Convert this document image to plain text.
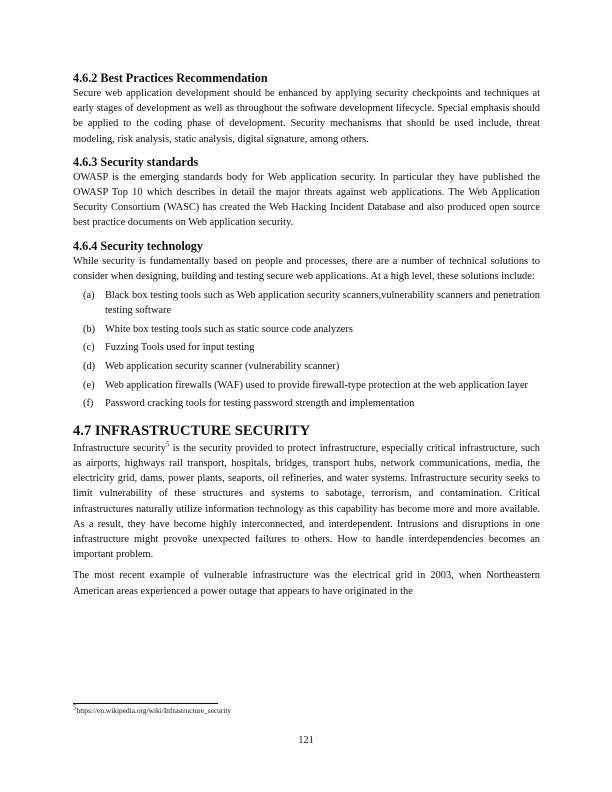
4.6.2 Best Practices Recommendation

Secure web application development should be enhanced by applying security checkpoints and techniques at early stages of development as well as throughout the software development lifecycle. Special emphasis should be applied to the coding phase of development. Security mechanisms that should be used include, threat modeling, risk analysis, static analysis, digital signature, among others.

4.6.3 Security standards

OWASP is the emerging standards body for Web application security. In particular they have published the OWASP Top 10 which describes in detail the major threats against web applications. The Web Application Security Consortium (WASC) has created the Web Hacking Incident Database and also produced open source best practice documents on Web application security.

4.6.4 Security technology

While security is fundamentally based on people and processes, there are a number of technical solutions to consider when designing, building and testing secure web applications. At a high level, these solutions include:

(a)	Black box testing tools such as Web application security scanners,vulnerability scanners and penetration testing software
(b) White box testing tools such as static source code analyzers
(c)	Fuzzing Tools used for input testing
(d) Web application security scanner (vulnerability scanner)
(e)	Web application firewalls (WAF) used to provide firewall-type protection at the web application layer
(f)	Password cracking tools for testing password strength and implementation
4.7 INFRASTRUCTURE SECURITY

Infrastructure security$^5$ is the security provided to protect infrastructure, especially critical infrastructure, such as airports, highways rail transport, hospitals, bridges, transport hubs, network communications, media, the electricity grid, dams, power plants, seaports, oil refineries, and water systems. Infrastructure security seeks to limit vulnerability of these structures and systems to sabotage, terrorism, and contamination. Critical infrastructures naturally utilize information technology as this capability has become more and more available. As a result, they have become highly interconnected, and interdependent. Intrusions and disruptions in one infrastructure might provoke unexpected failures to others. How to handle interdependencies becomes an important problem.

The most recent example of vulnerable infrastructure was the electrical grid in 2003, when Northeastern American areas experienced a power outage that appears to have originated in the

$^5$https://en.wikipedia.org/wiki/Infrastructure_security
121
